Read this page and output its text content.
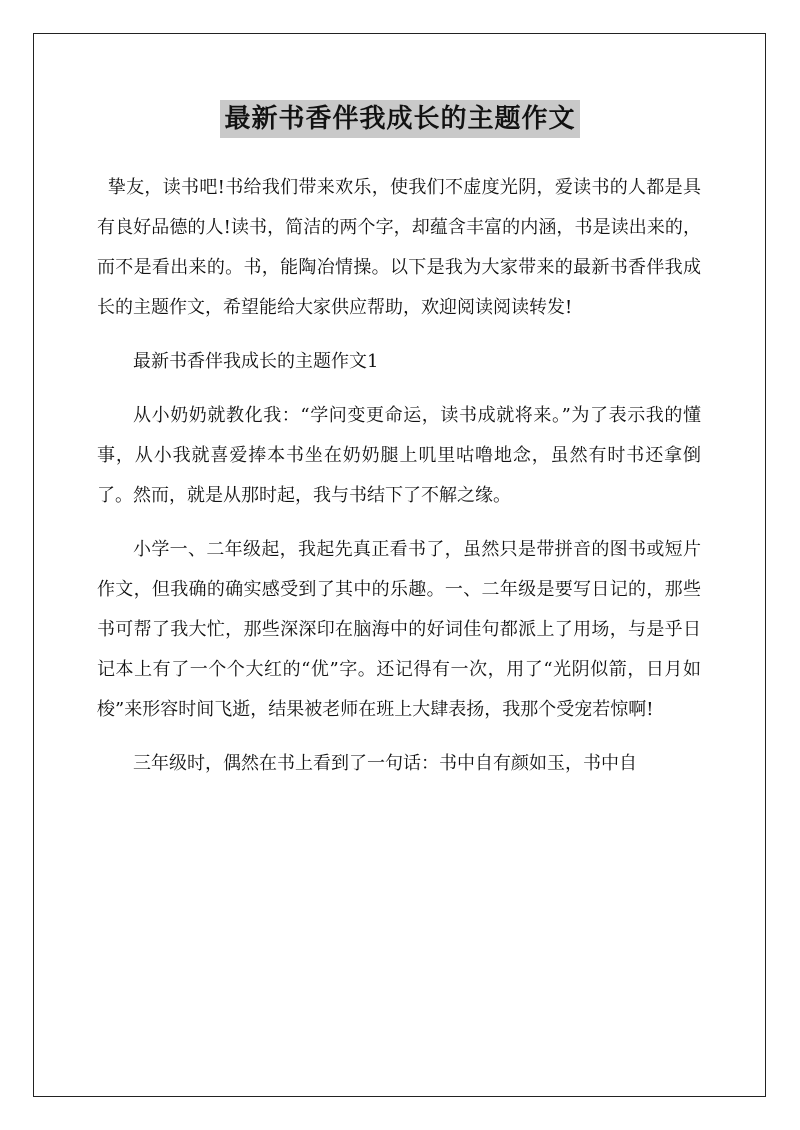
最新书香伴我成长的主题作文

挚友，读书吧!书给我们带来欢乐，使我们不虚度光阴，爱读书的人都是具有良好品德的人!读书，简洁的两个字，却蕴含丰富的内涵，书是读出来的，而不是看出来的。书，能陶冶情操。以下是我为大家带来的最新书香伴我成长的主题作文，希望能给大家供应帮助，欢迎阅读阅读转发!

最新书香伴我成长的主题作文1

从小奶奶就教化我：“学问变更命运，读书成就将来。”为了表示我的懂事，从小我就喜爱捧本书坐在奶奶腿上叽里咕噜地念，虽然有时书还拿倒了。然而，就是从那时起，我与书结下了不解之缘。

小学一、二年级起，我起先真正看书了，虽然只是带拼音的图书或短片作文，但我确的确实感受到了其中的乐趣。一、二年级是要写日记的，那些书可帮了我大忙，那些深深印在脑海中的好词佳句都派上了用场，与是乎日记本上有了一个个大红的“优”字。还记得有一次，用了“光阴似箭，日月如梭”来形容时间飞逝，结果被老师在班上大肆表扬，我那个受宠若惊啊!

三年级时，偶然在书上看到了一句话：书中自有颜如玉，书中自
